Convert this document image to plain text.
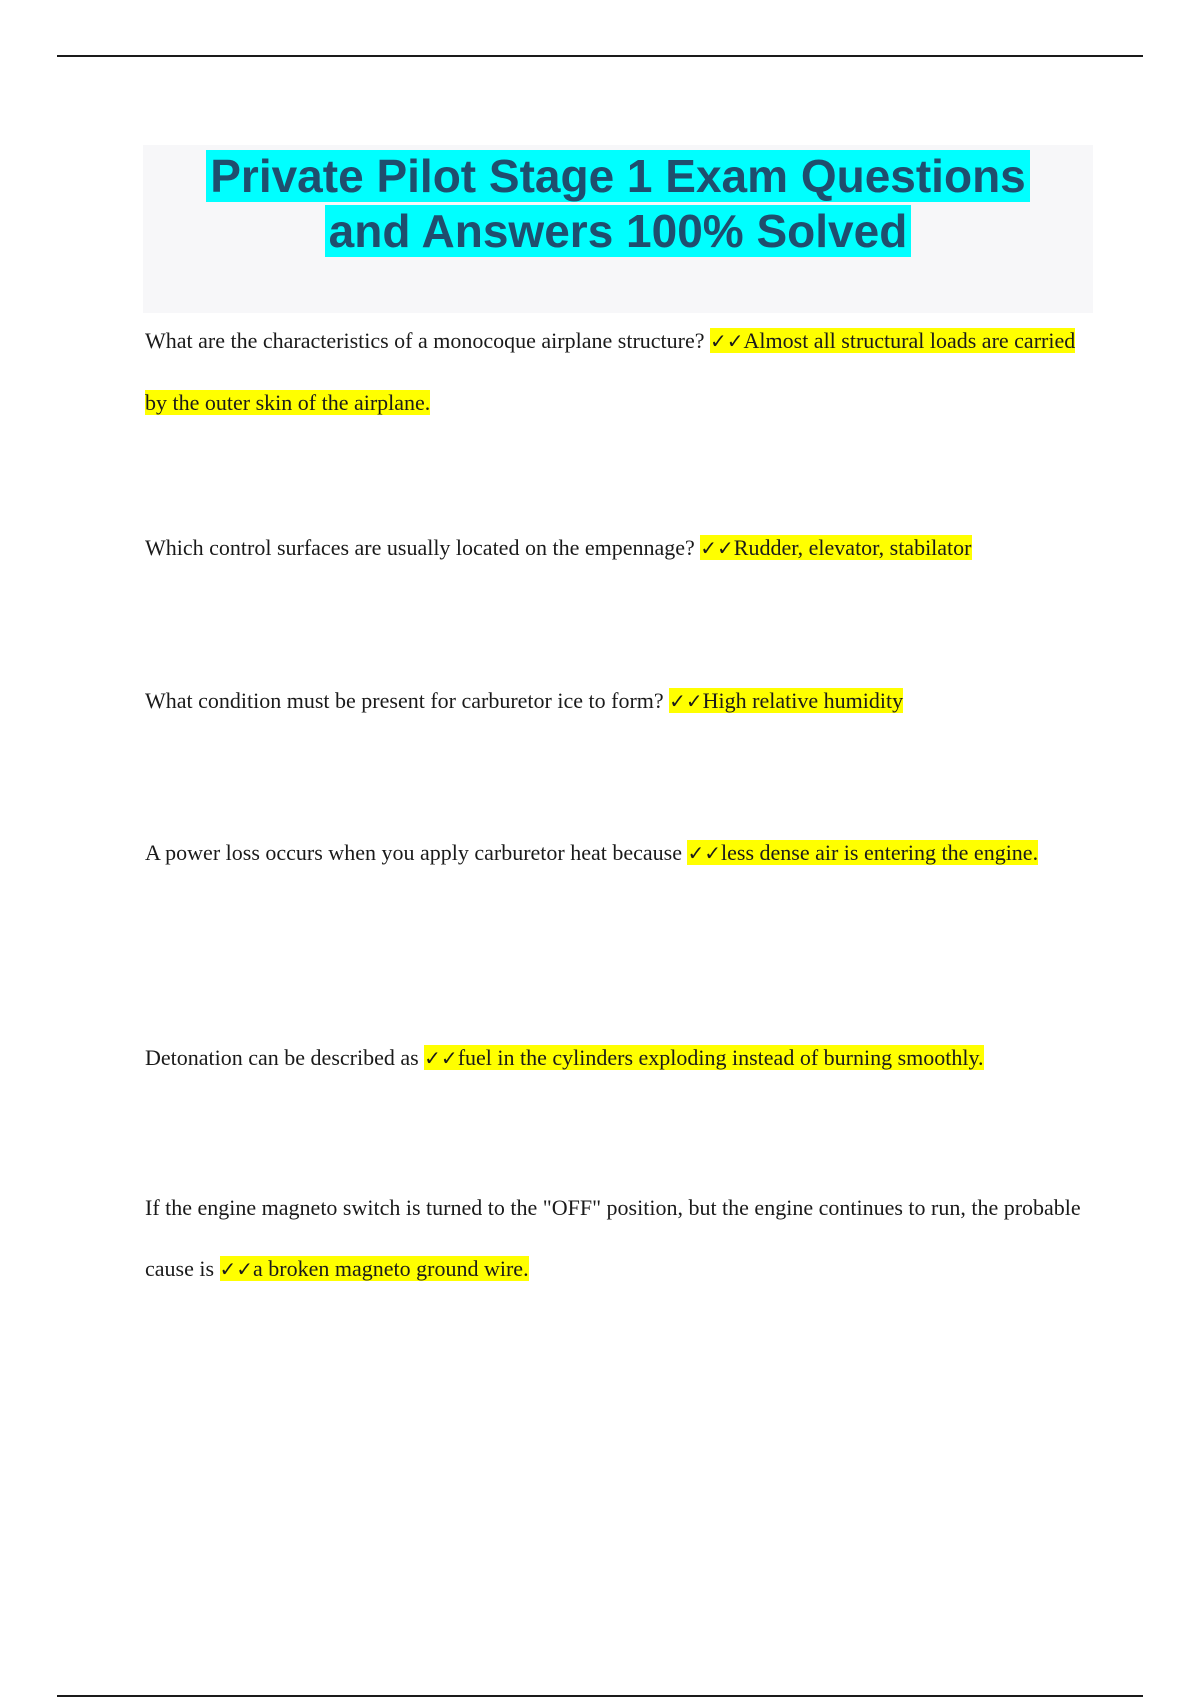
Private Pilot Stage 1 Exam Questions
and Answers 100% Solved

What are the characteristics of a monocoque airplane structure? ✓✓Almost all structural loads are carried by the outer skin of the airplane.

Which control surfaces are usually located on the empennage? ✓✓Rudder, elevator, stabilator

What condition must be present for carburetor ice to form? ✓✓High relative humidity

A power loss occurs when you apply carburetor heat because ✓✓less dense air is entering the engine.

Detonation can be described as ✓✓fuel in the cylinders exploding instead of burning smoothly.

If the engine magneto switch is turned to the "OFF" position, but the engine continues to run, the probable cause is ✓✓a broken magneto ground wire.
